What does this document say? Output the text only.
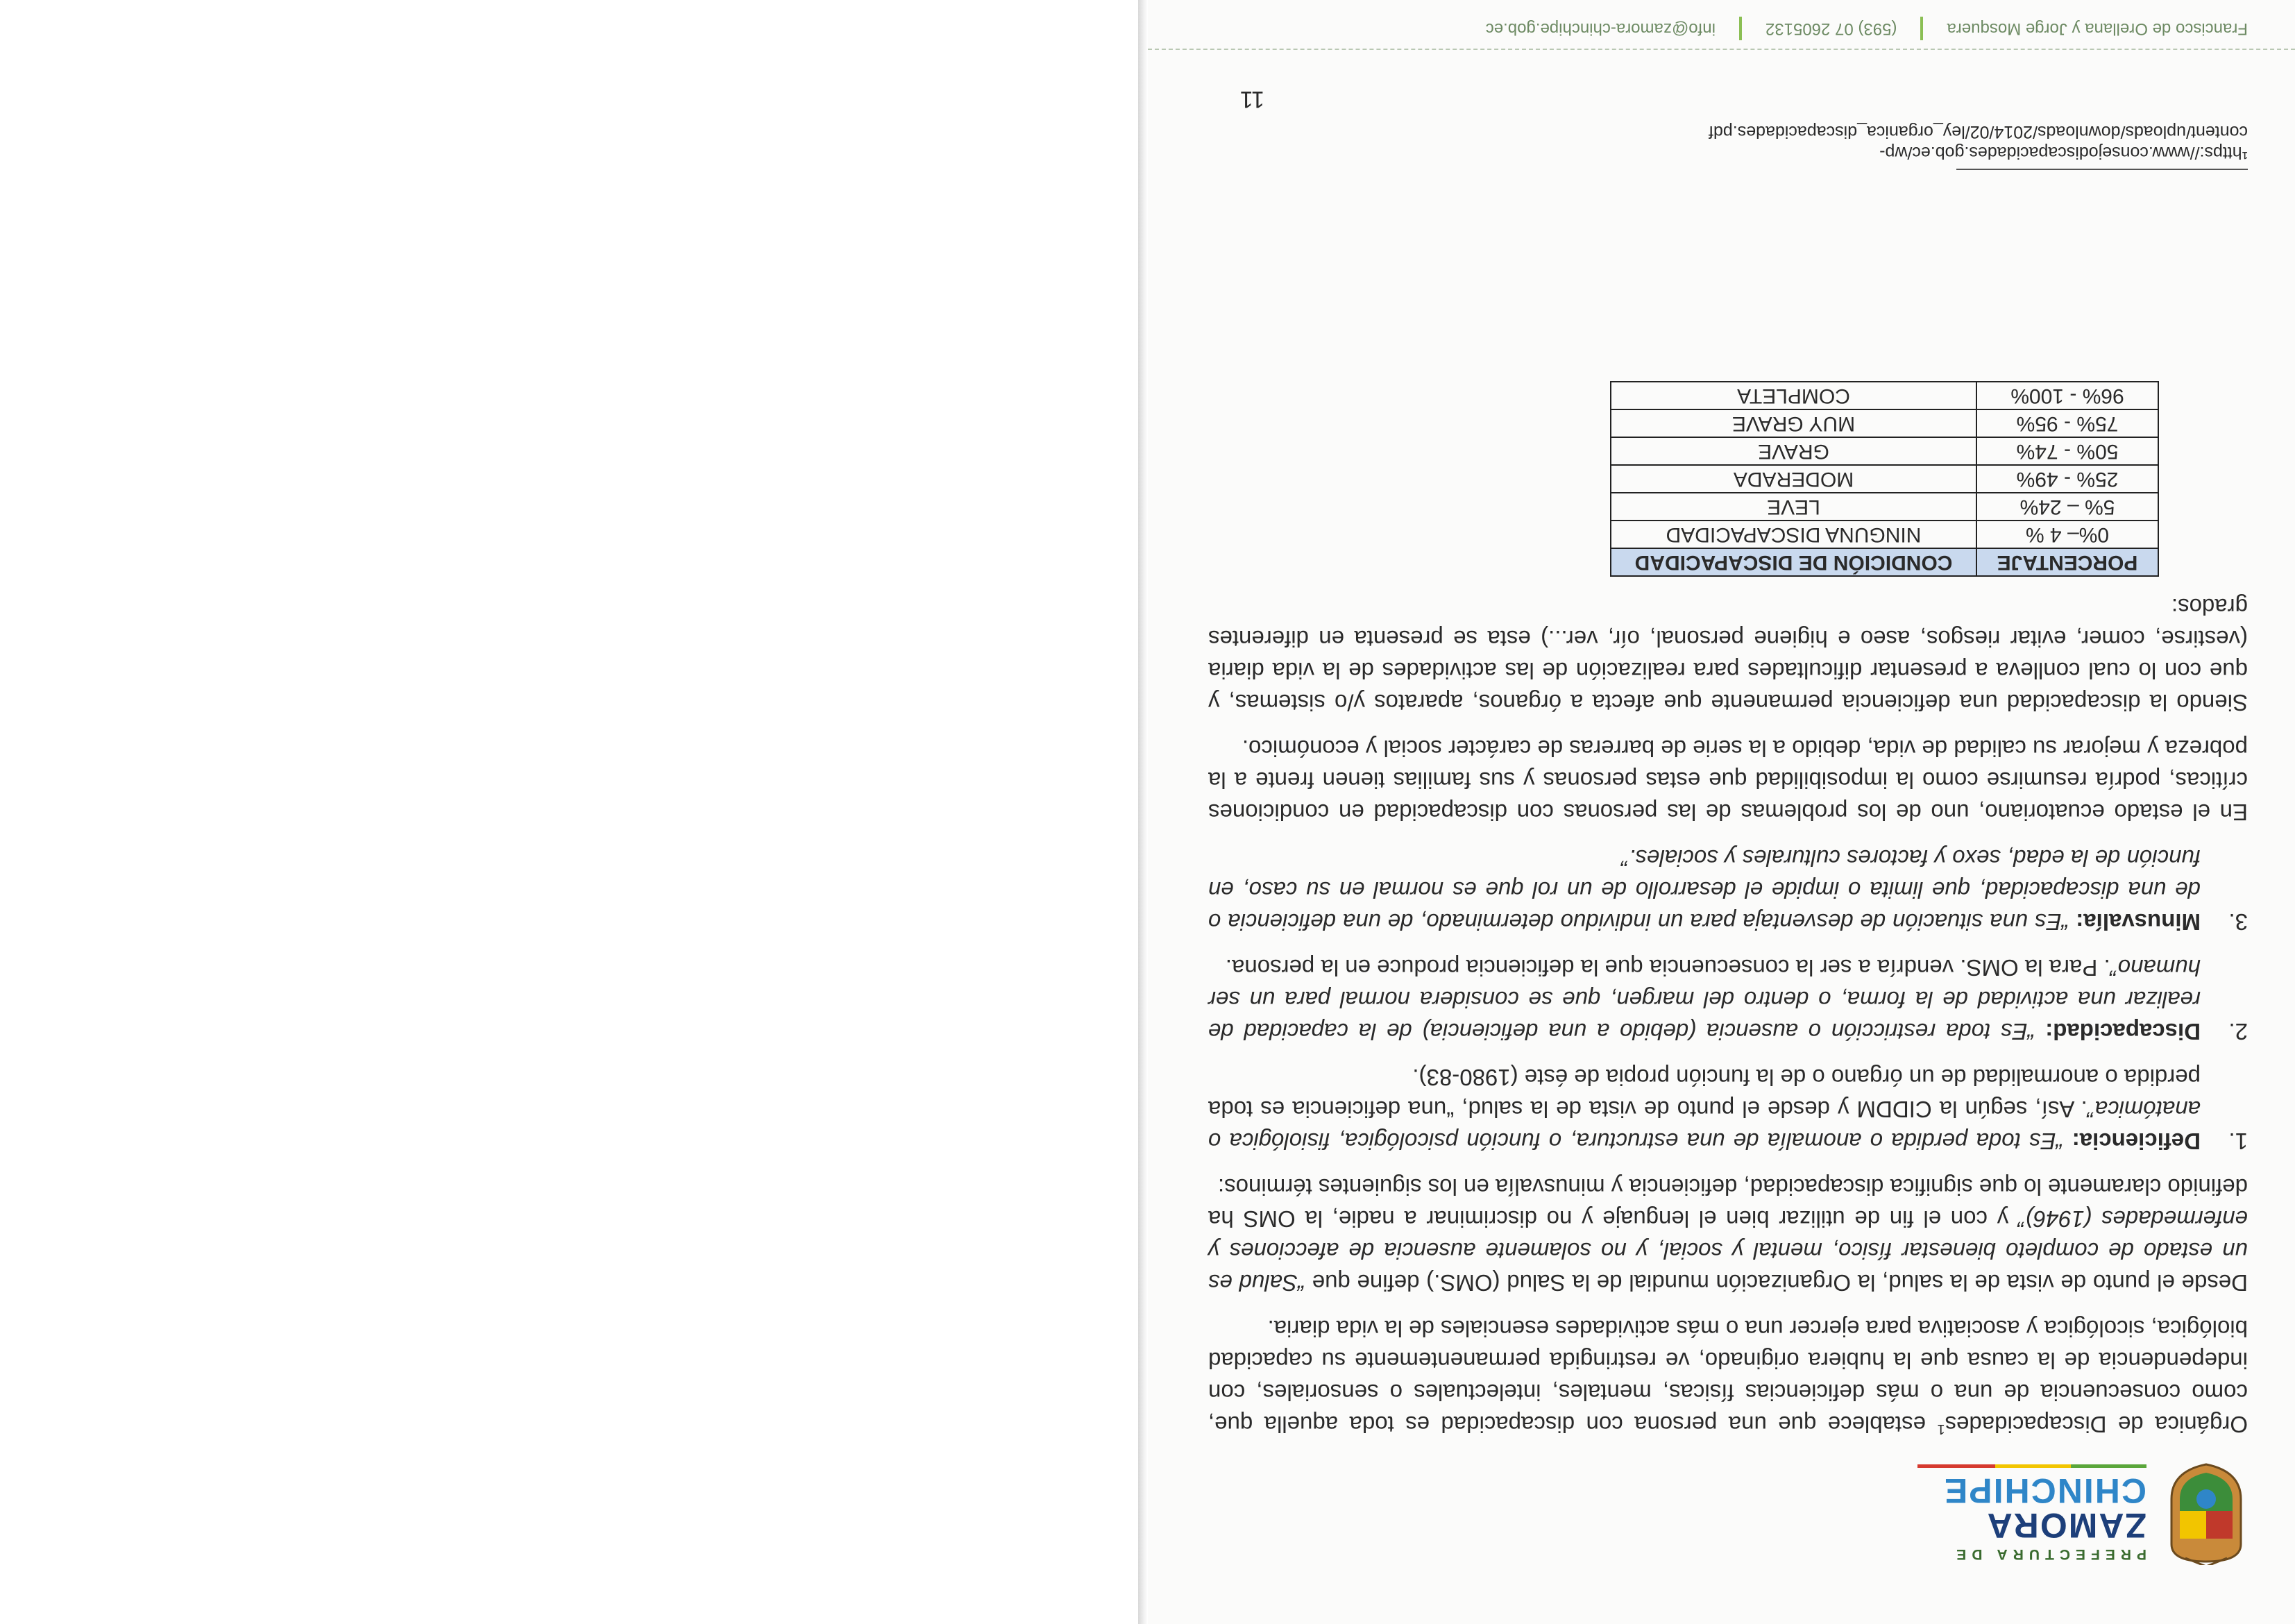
PREFECTURA DE
ZAMORA
CHINCHIPE

Orgánica de Discapacidades$^1$ establece que una persona con discapacidad es toda aquella que, como consecuencia de una o más deficiencias físicas, mentales, intelectuales o sensoriales, con independencia de la causa que la hubiera originado, ve restringida permanentemente su capacidad biológica, sicológica y asociativa para ejercer una o más actividades esenciales de la vida diaria.

Desde el punto de vista de la salud, la Organización mundial de la Salud (OMS.) define que “Salud es un estado de completo bienestar físico, mental y social, y no solamente ausencia de afecciones y enfermedades (1946)” y con el fin de utilizar bien el lenguaje y no discriminar a nadie, la OMS ha definido claramente lo que significa discapacidad, deficiencia y minusvalía en los siguientes términos:

1.
Deficiencia: “Es toda perdida o anomalía de una estructura, o función psicológica, fisiológica o anatómica”. Así, según la CIDDM y desde el punto de vista de la salud, “una deficiencia es toda perdida o anormalidad de un órgano o de la función propia de éste (1980-83).
2.
Discapacidad: “Es toda restricción o ausencia (debido a una deficiencia) de la capacidad de realizar una actividad de la forma, o dentro del margen, que se considera normal para un ser humano”. Para la OMS. vendría a ser la consecuencia que la deficiencia produce en la persona.
3.
Minusvalía: “Es una situación de desventaja para un individuo determinado, de una deficiencia o de una discapacidad, que limita o impide el desarrollo de un rol que es normal en su caso, en función de la edad, sexo y factores culturales y sociales.”

En el estado ecuatoriano, uno de los problemas de las personas con discapacidad en condiciones críticas, podría resumirse como la imposibilidad que estas personas y sus familias tienen frente a la pobreza y mejorar su calidad de vida, debido a la serie de barreras de carácter social y económico.

Siendo la discapacidad una deficiencia permanente que afecta a órganos, aparatos y/o sistemas, y que con lo cual conlleva a presentar dificultades para realización de las actividades de la vida diaria (vestirse, comer, evitar riesgos, aseo e higiene personal, oír, ver...) esta se presenta en diferentes grados:

PORCENTAJE	CONDICIÓN DE DISCAPACIDAD
0%– 4 %	NINGUNA DISCAPACIDAD
5% – 24%	LEVE
25% - 49%	MODERADA
50% - 74%	GRAVE
75% - 95%	MUY GRAVE
96% - 100%	COMPLETA
¹https://www.consejodiscapacidades.gob.ec/wp-
content/uploads/downloads/2014/02/ley_organica_discapacidades.pdf
11
Francisco de Orellana y Jorge Mosquera
(593) 07 2605132
info@zamora-chinchipe.gob.ec
